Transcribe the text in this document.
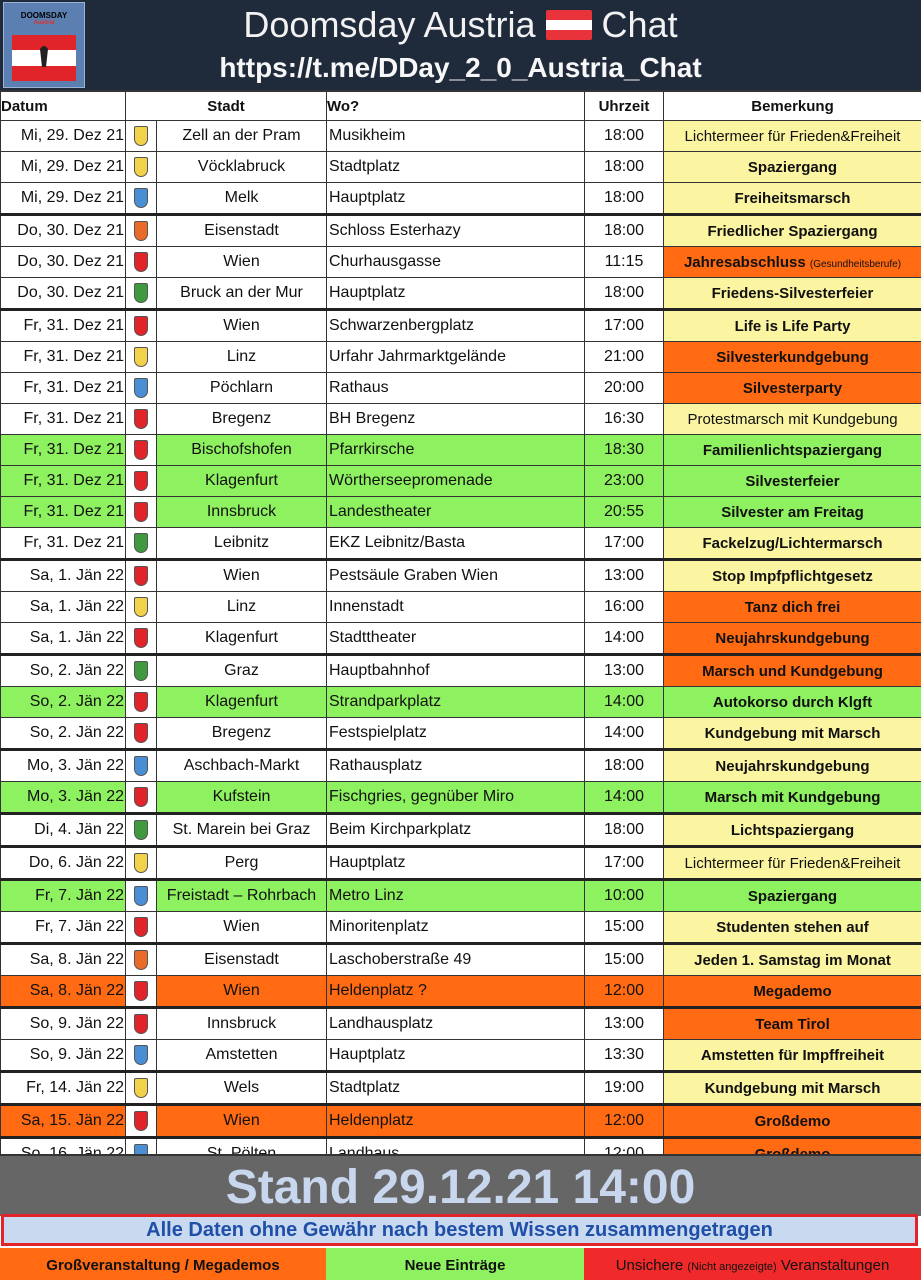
DOOMSDAY
Austria	Doomsday Austria Chat
https://t.me/DDay_2_0_Austria_Chat
Datum	Stadt		Wo?	Uhrzeit	Bemerkung
Mi, 29. Dez 21		Zell an der Pram	Musikheim	18:00	Lichtermeer für Frieden&Freiheit
Mi, 29. Dez 21		Vöcklabruck	Stadtplatz	18:00	Spaziergang
Mi, 29. Dez 21		Melk	Hauptplatz	18:00	Freiheitsmarsch
Do, 30. Dez 21		Eisenstadt	Schloss Esterhazy	18:00	Friedlicher Spaziergang
Do, 30. Dez 21		Wien	Churhausgasse	11:15	Jahresabschluss (Gesundheitsberufe)
Do, 30. Dez 21		Bruck an der Mur	Hauptplatz	18:00	Friedens-Silvesterfeier
Fr, 31. Dez 21		Wien	Schwarzenbergplatz	17:00	Life is Life Party
Fr, 31. Dez 21		Linz	Urfahr Jahrmarktgelände	21:00	Silvesterkundgebung
Fr, 31. Dez 21		Pöchlarn	Rathaus	20:00	Silvesterparty
Fr, 31. Dez 21		Bregenz	BH Bregenz	16:30	Protestmarsch mit Kundgebung
Fr, 31. Dez 21		Bischofshofen	Pfarrkirsche	18:30	Familienlichtspaziergang
Fr, 31. Dez 21		Klagenfurt	Wörtherseepromenade	23:00	Silvesterfeier
Fr, 31. Dez 21		Innsbruck	Landestheater	20:55	Silvester am Freitag
Fr, 31. Dez 21		Leibnitz	EKZ Leibnitz/Basta	17:00	Fackelzug/Lichtermarsch
Sa, 1. Jän 22		Wien	Pestsäule Graben Wien	13:00	Stop Impfpflichtgesetz
Sa, 1. Jän 22		Linz	Innenstadt	16:00	Tanz dich frei
Sa, 1. Jän 22		Klagenfurt	Stadttheater	14:00	Neujahrskundgebung
So, 2. Jän 22		Graz	Hauptbahnhof	13:00	Marsch und Kundgebung
So, 2. Jän 22		Klagenfurt	Strandparkplatz	14:00	Autokorso durch Klgft
So, 2. Jän 22		Bregenz	Festspielplatz	14:00	Kundgebung mit Marsch
Mo, 3. Jän 22		Aschbach-Markt	Rathausplatz	18:00	Neujahrskundgebung
Mo, 3. Jän 22		Kufstein	Fischgries, gegnüber Miro	14:00	Marsch mit Kundgebung
Di, 4. Jän 22		St. Marein bei Graz	Beim Kirchparkplatz	18:00	Lichtspaziergang
Do, 6. Jän 22		Perg	Hauptplatz	17:00	Lichtermeer für Frieden&Freiheit
Fr, 7. Jän 22		Freistadt – Rohrbach	Metro Linz	10:00	Spaziergang
Fr, 7. Jän 22		Wien	Minoritenplatz	15:00	Studenten stehen auf
Sa, 8. Jän 22		Eisenstadt	Laschoberstraße 49	15:00	Jeden 1. Samstag im Monat
Sa, 8. Jän 22		Wien	Heldenplatz ?	12:00	Megademo
So, 9. Jän 22		Innsbruck	Landhausplatz	13:00	Team Tirol
So, 9. Jän 22		Amstetten	Hauptplatz	13:30	Amstetten für Impffreiheit
Fr, 14. Jän 22		Wels	Stadtplatz	19:00	Kundgebung mit Marsch
Sa, 15. Jän 22		Wien	Heldenplatz	12:00	Großdemo

Stand 29.12.21 14:00
Alle Daten ohne Gewähr nach bestem Wissen zusammengetragen
Großveranstaltung / Megademos	Neue Einträge	Unsichere (Nicht angezeigte) Veranstaltungen
